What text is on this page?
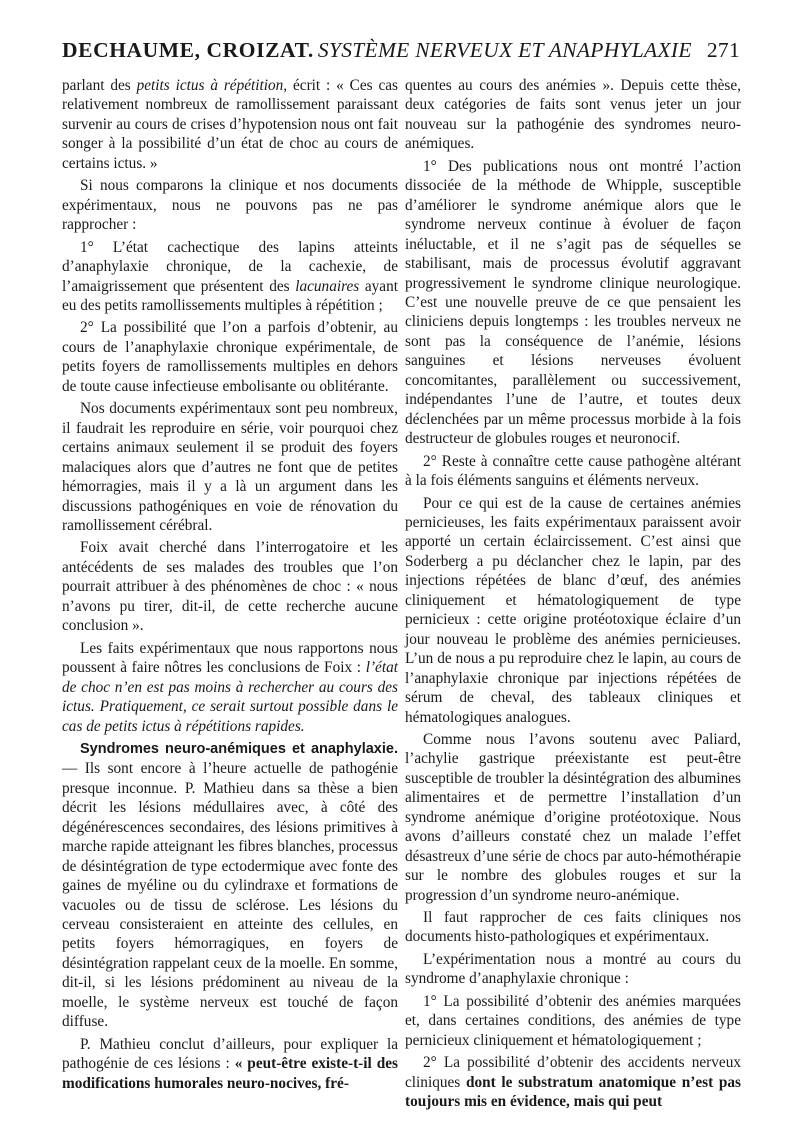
DECHAUME, CROIZAT. SYSTÈME NERVEUX ET ANAPHYLAXIE 271

parlant des petits ictus à répétition, écrit : « Ces cas relativement nombreux de ramollissement paraissant survenir au cours de crises d’hypotension nous ont fait songer à la possibilité d’un état de choc au cours de certains ictus. »

Si nous comparons la clinique et nos documents expérimentaux, nous ne pouvons pas ne pas rapprocher :

1° L’état cachectique des lapins atteints d’anaphylaxie chronique, de la cachexie, de l’amaigrissement que présentent des lacunaires ayant eu des petits ramollissements multiples à répétition ;

2° La possibilité que l’on a parfois d’obtenir, au cours de l’anaphylaxie chronique expérimentale, de petits foyers de ramollissements multiples en dehors de toute cause infectieuse embolisante ou oblitérante.

Nos documents expérimentaux sont peu nombreux, il faudrait les reproduire en série, voir pourquoi chez certains animaux seulement il se produit des foyers malaciques alors que d’autres ne font que de petites hémorragies, mais il y a là un argument dans les discussions pathogéniques en voie de rénovation du ramollissement cérébral.

Foix avait cherché dans l’interrogatoire et les antécédents de ses malades des troubles que l’on pourrait attribuer à des phénomènes de choc : « nous n’avons pu tirer, dit-il, de cette recherche aucune conclusion ».

Les faits expérimentaux que nous rapportons nous poussent à faire nôtres les conclusions de Foix : l’état de choc n’en est pas moins à rechercher au cours des ictus. Pratiquement, ce serait surtout possible dans le cas de petits ictus à répétitions rapides.

Syndromes neuro-anémiques et anaphylaxie. — Ils sont encore à l’heure actuelle de pathogénie presque inconnue. P. Mathieu dans sa thèse a bien décrit les lésions médullaires avec, à côté des dégénérescences secondaires, des lésions primitives à marche rapide atteignant les fibres blanches, processus de désintégration de type ectodermique avec fonte des gaines de myéline ou du cylindraxe et formations de vacuoles ou de tissu de sclérose. Les lésions du cerveau consisteraient en atteinte des cellules, en petits foyers hémorragiques, en foyers de désintégration rappelant ceux de la moelle. En somme, dit-il, si les lésions prédominent au niveau de la moelle, le système nerveux est touché de façon diffuse.

P. Mathieu conclut d’ailleurs, pour expliquer la pathogénie de ces lésions : « peut-être existe-t-il des modifications humorales neuro-nocives, fré-

quentes au cours des anémies ». Depuis cette thèse, deux catégories de faits sont venus jeter un jour nouveau sur la pathogénie des syndromes neuro-anémiques.

1° Des publications nous ont montré l’action dissociée de la méthode de Whipple, susceptible d’améliorer le syndrome anémique alors que le syndrome nerveux continue à évoluer de façon inéluctable, et il ne s’agit pas de séquelles se stabilisant, mais de processus évolutif aggravant progressivement le syndrome clinique neurologique. C’est une nouvelle preuve de ce que pensaient les cliniciens depuis longtemps : les troubles nerveux ne sont pas la conséquence de l’anémie, lésions sanguines et lésions nerveuses évoluent concomitantes, parallèlement ou successivement, indépendantes l’une de l’autre, et toutes deux déclenchées par un même processus morbide à la fois destructeur de globules rouges et neuronocif.

2° Reste à connaître cette cause pathogène altérant à la fois éléments sanguins et éléments nerveux.

Pour ce qui est de la cause de certaines anémies pernicieuses, les faits expérimentaux paraissent avoir apporté un certain éclaircissement. C’est ainsi que Soderberg a pu déclancher chez le lapin, par des injections répétées de blanc d’œuf, des anémies cliniquement et hématologiquement de type pernicieux : cette origine protéotoxique éclaire d’un jour nouveau le problème des anémies pernicieuses. L’un de nous a pu reproduire chez le lapin, au cours de l’anaphylaxie chronique par injections répétées de sérum de cheval, des tableaux cliniques et hématologiques analogues.

Comme nous l’avons soutenu avec Paliard, l’achylie gastrique préexistante est peut-être susceptible de troubler la désintégration des albumines alimentaires et de permettre l’installation d’un syndrome anémique d’origine protéotoxique. Nous avons d’ailleurs constaté chez un malade l’effet désastreux d’une série de chocs par auto-hémothérapie sur le nombre des globules rouges et sur la progression d’un syndrome neuro-anémique.

Il faut rapprocher de ces faits cliniques nos documents histo-pathologiques et expérimentaux.

L’expérimentation nous a montré au cours du syndrome d’anaphylaxie chronique :

1° La possibilité d’obtenir des anémies marquées et, dans certaines conditions, des anémies de type pernicieux cliniquement et hématologiquement ;

2° La possibilité d’obtenir des accidents nerveux cliniques dont le substratum anatomique n’est pas toujours mis en évidence, mais qui peut
